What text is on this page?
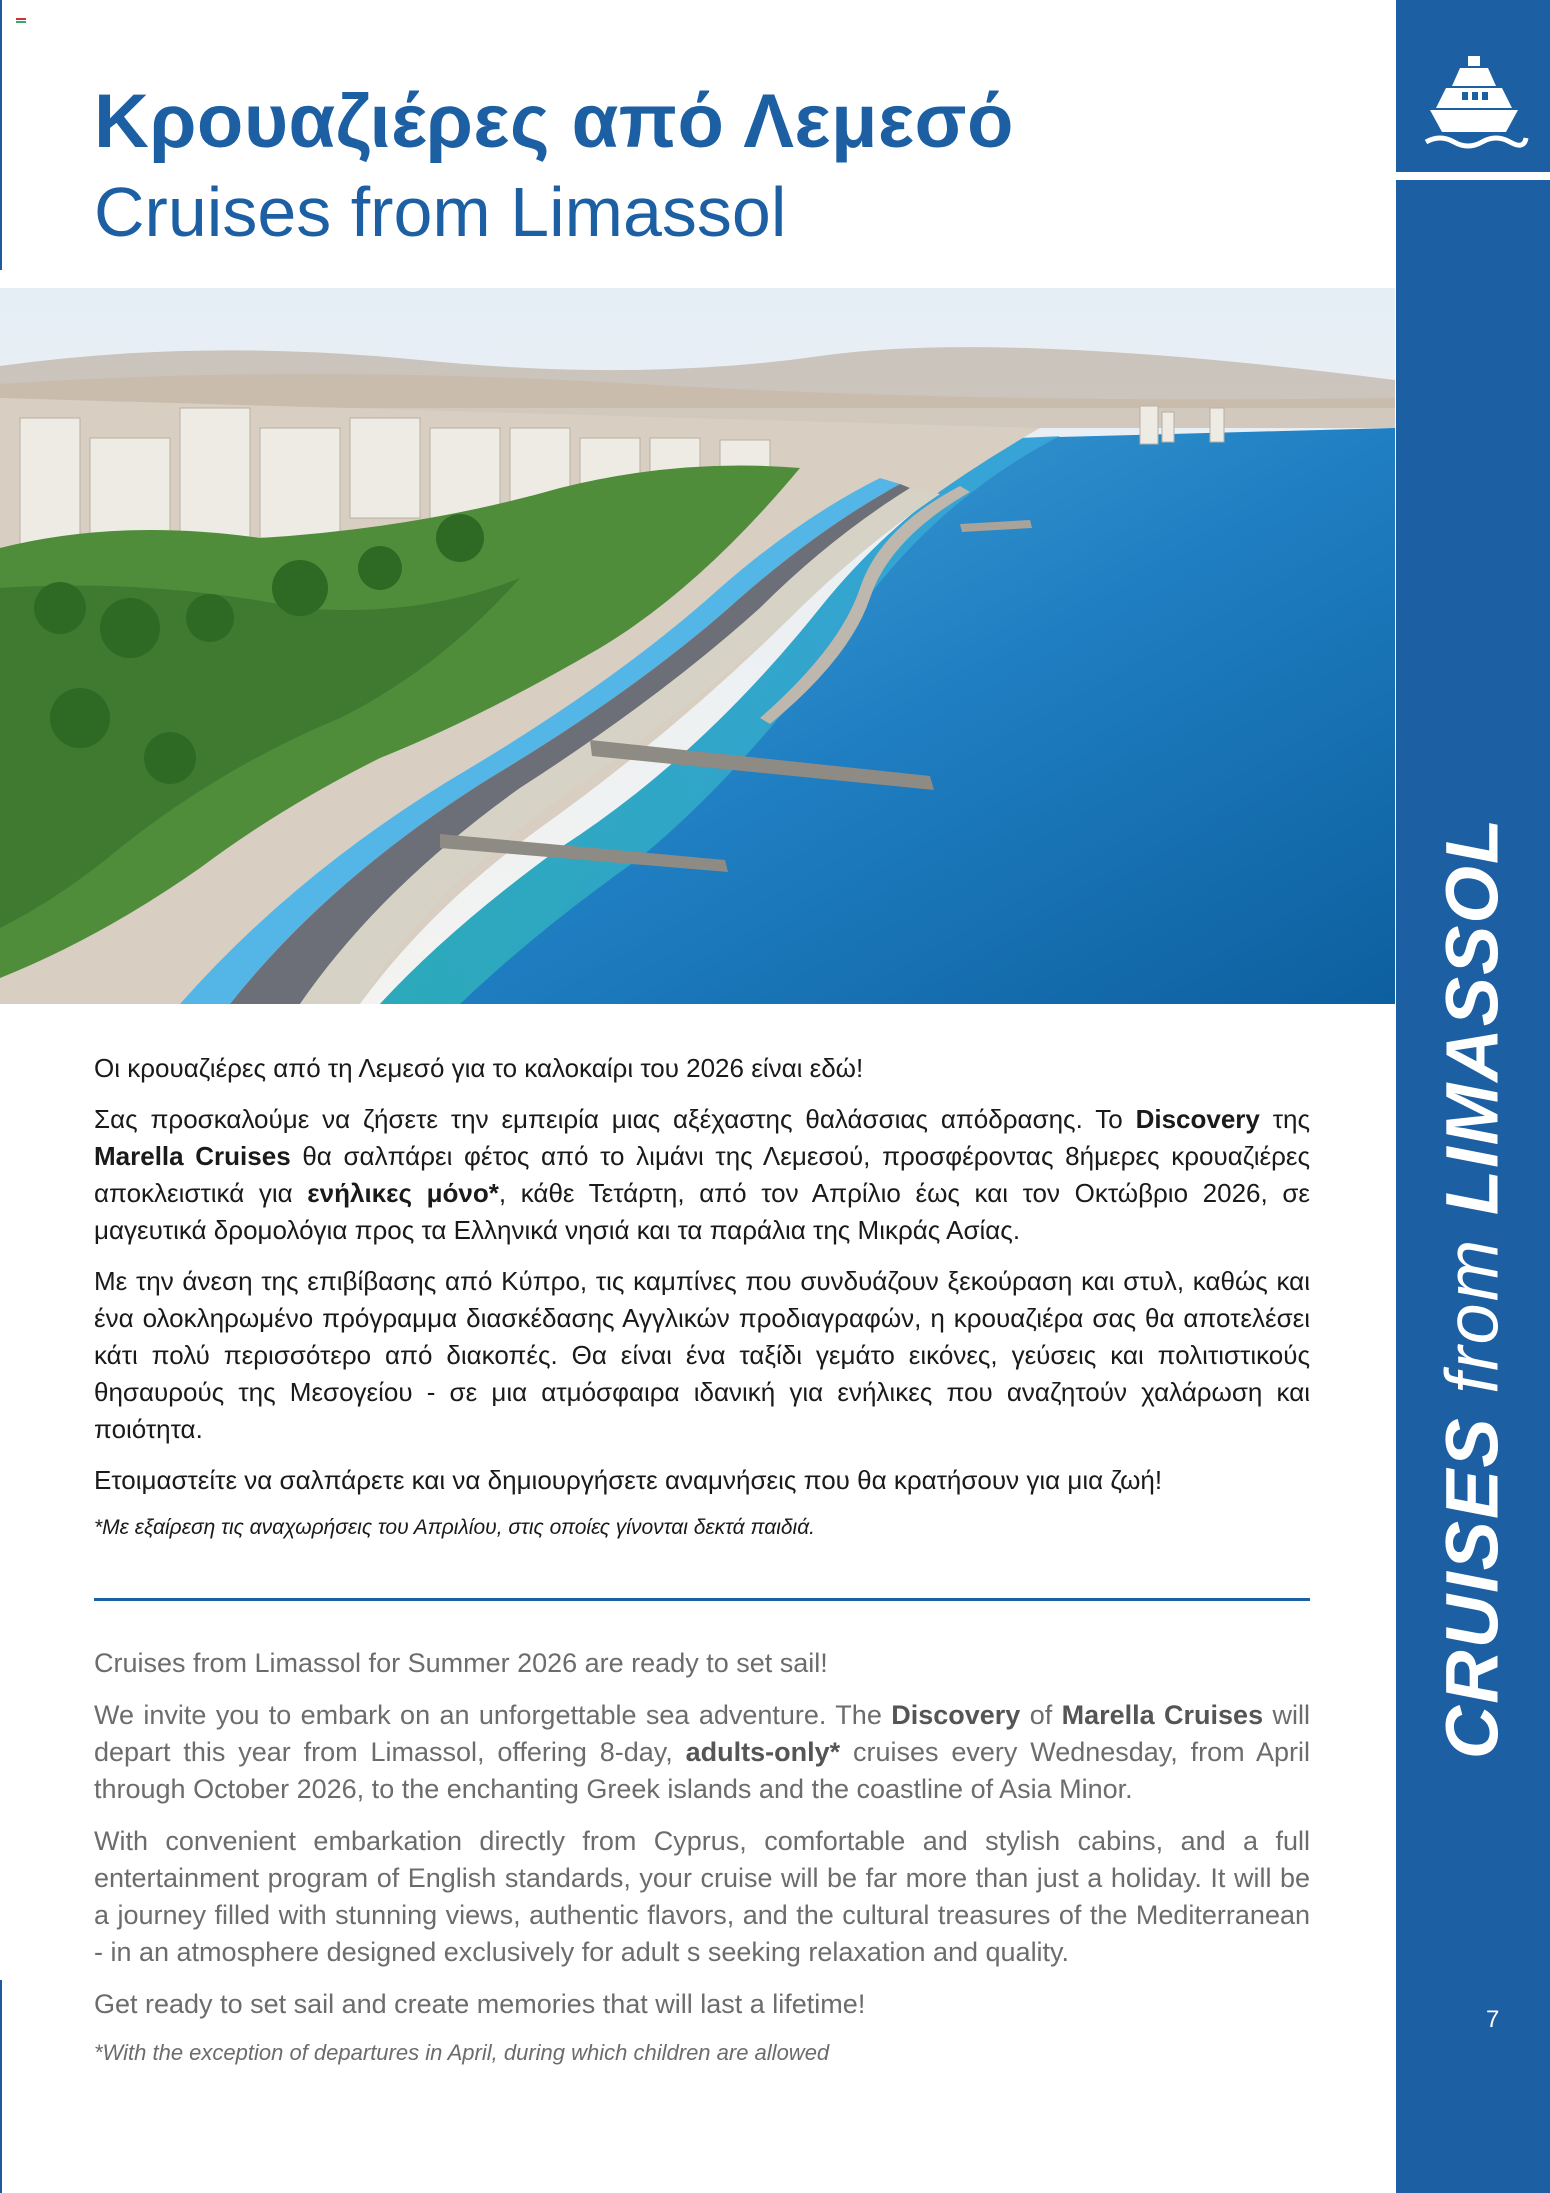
Κρουαζιέρες από Λεμεσό
Cruises from Limassol
CRUISES from LIMASSOL
7

Οι κρουαζιέρες από τη Λεμεσό για το καλοκαίρι του 2026 είναι εδώ!

Σας προσκαλούμε να ζήσετε την εμπειρία μιας αξέχαστης θαλάσσιας απόδρασης. Το Discovery της Marella Cruises θα σαλπάρει φέτος από το λιμάνι της Λεμεσού, προσφέροντας 8ήμερες κρουαζιέρες αποκλειστικά για ενήλικες μόνο*, κάθε Τετάρτη, από τον Απρίλιο έως και τον Οκτώβριο 2026, σε μαγευτικά δρομολόγια προς τα Ελληνικά νησιά και τα παράλια της Μικράς Ασίας.

Με την άνεση της επιβίβασης από Κύπρο, τις καμπίνες που συνδυάζουν ξεκούραση και στυλ, καθώς και ένα ολοκληρωμένο πρόγραμμα διασκέδασης Αγγλικών προδιαγραφών, η κρουαζιέρα σας θα αποτελέσει κάτι πολύ περισσότερο από διακοπές. Θα είναι ένα ταξίδι γεμάτο εικόνες, γεύσεις και πολιτιστικούς θησαυρούς της Μεσογείου - σε μια ατμόσφαιρα ιδανική για ενήλικες που αναζητούν χαλάρωση και ποιότητα.

Ετοιμαστείτε να σαλπάρετε και να δημιουργήσετε αναμνήσεις που θα κρατήσουν για μια ζωή!

*Με εξαίρεση τις αναχωρήσεις του Απριλίου, στις οποίες γίνονται δεκτά παιδιά.

Cruises from Limassol for Summer 2026 are ready to set sail!

We invite you to embark on an unforgettable sea adventure. The Discovery of Marella Cruises will depart this year from Limassol, offering 8-day, adults-only* cruises every Wednesday, from April through October 2026, to the enchanting Greek islands and the coastline of Asia Minor.

With convenient embarkation directly from Cyprus, comfortable and stylish cabins, and a full entertainment program of English standards, your cruise will be far more than just a holiday. It will be a journey filled with stunning views, authentic flavors, and the cultural treasures of the Mediterranean - in an atmosphere designed exclusively for adult s seeking relaxation and quality.

Get ready to set sail and create memories that will last a lifetime!

*With the exception of departures in April, during which children are allowed
